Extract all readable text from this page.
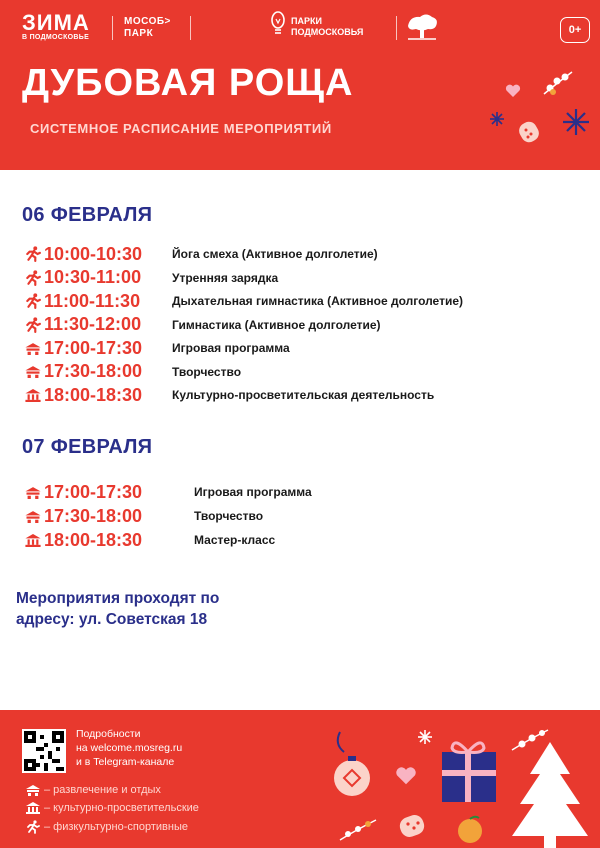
ЗИМА
В ПОДМОСКОВЬЕ
МОСОБ>
ПАРК
ПАРКИ
ПОДМОСКОВЬЯ	0+
ДУБОВАЯ РОЩА
СИСТЕМНОЕ РАСПИСАНИЕ МЕРОПРИЯТИЙ
06 ФЕВРАЛЯ
10:00-10:30	Йога смеха (Активное долголетие)
10:30-11:00	Утренняя зарядка
11:00-11:30	Дыхательная гимнастика (Активное долголетие)
11:30-12:00	Гимнастика (Активное долголетие)
17:00-17:30	Игровая программа
17:30-18:00	Творчество
18:00-18:30	Культурно-просветительская деятельность
07 ФЕВРАЛЯ
17:00-17:30	Игровая программа
17:30-18:00	Творчество
18:00-18:30	Мастер-класс
Мероприятия проходят по
адресу: ул. Советская 18
Подробности
на welcome.mosreg.ru
и в Telegram-канале
– развлечение и отдых
– культурно-просветительские
– физкультурно-спортивные
